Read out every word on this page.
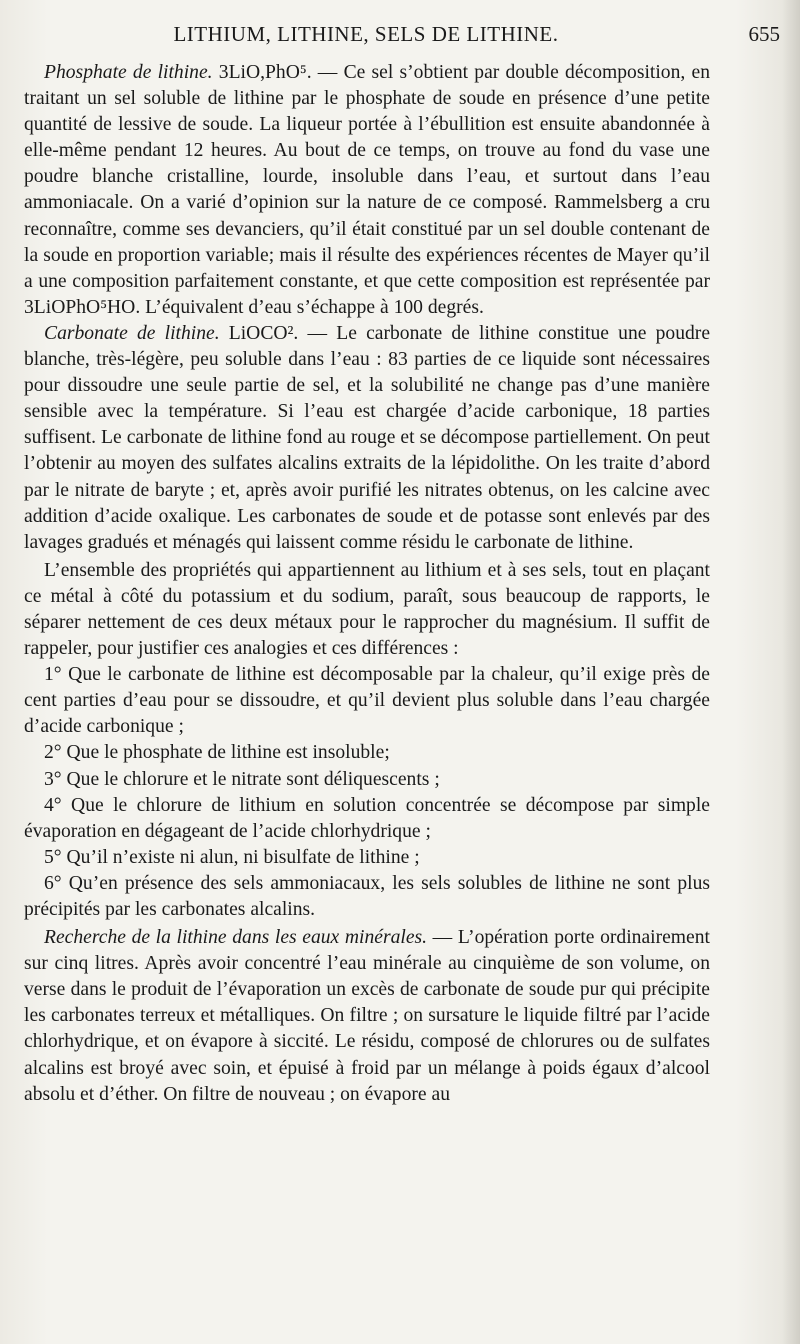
LITHIUM, LITHINE, SELS DE LITHINE.	655

Phosphate de lithine. 3LiO,PhO⁵. — Ce sel s’obtient par double décomposition, en traitant un sel soluble de lithine par le phosphate de soude en présence d’une petite quantité de lessive de soude. La liqueur portée à l’ébullition est ensuite abandonnée à elle-même pendant 12 heures. Au bout de ce temps, on trouve au fond du vase une poudre blanche cristalline, lourde, insoluble dans l’eau, et surtout dans l’eau ammoniacale. On a varié d’opinion sur la nature de ce composé. Rammelsberg a cru reconnaître, comme ses devanciers, qu’il était constitué par un sel double contenant de la soude en proportion variable; mais il résulte des expériences récentes de Mayer qu’il a une composition parfaitement constante, et que cette composition est représentée par 3LiOPhO⁵HO. L’équivalent d’eau s’échappe à 100 degrés.

Carbonate de lithine. LiOCO². — Le carbonate de lithine constitue une poudre blanche, très-légère, peu soluble dans l’eau : 83 parties de ce liquide sont nécessaires pour dissoudre une seule partie de sel, et la solubilité ne change pas d’une manière sensible avec la température. Si l’eau est chargée d’acide carbonique, 18 parties suffisent. Le carbonate de lithine fond au rouge et se décompose partiellement. On peut l’obtenir au moyen des sulfates alcalins extraits de la lépidolithe. On les traite d’abord par le nitrate de baryte ; et, après avoir purifié les nitrates obtenus, on les calcine avec addition d’acide oxalique. Les carbonates de soude et de potasse sont enlevés par des lavages gradués et ménagés qui laissent comme résidu le carbonate de lithine.

L’ensemble des propriétés qui appartiennent au lithium et à ses sels, tout en plaçant ce métal à côté du potassium et du sodium, paraît, sous beaucoup de rapports, le séparer nettement de ces deux métaux pour le rapprocher du magnésium. Il suffit de rappeler, pour justifier ces analogies et ces différences :

1° Que le carbonate de lithine est décomposable par la chaleur, qu’il exige près de cent parties d’eau pour se dissoudre, et qu’il devient plus soluble dans l’eau chargée d’acide carbonique ;

2° Que le phosphate de lithine est insoluble;

3° Que le chlorure et le nitrate sont déliquescents ;

4° Que le chlorure de lithium en solution concentrée se décompose par simple évaporation en dégageant de l’acide chlorhydrique ;

5° Qu’il n’existe ni alun, ni bisulfate de lithine ;

6° Qu’en présence des sels ammoniacaux, les sels solubles de lithine ne sont plus précipités par les carbonates alcalins.

Recherche de la lithine dans les eaux minérales. — L’opération porte ordinairement sur cinq litres. Après avoir concentré l’eau minérale au cinquième de son volume, on verse dans le produit de l’évaporation un excès de carbonate de soude pur qui précipite les carbonates terreux et métalliques. On filtre ; on sursature le liquide filtré par l’acide chlorhydrique, et on évapore à siccité. Le résidu, composé de chlorures ou de sulfates alcalins est broyé avec soin, et épuisé à froid par un mélange à poids égaux d’alcool absolu et d’éther. On filtre de nouveau ; on évapore au
